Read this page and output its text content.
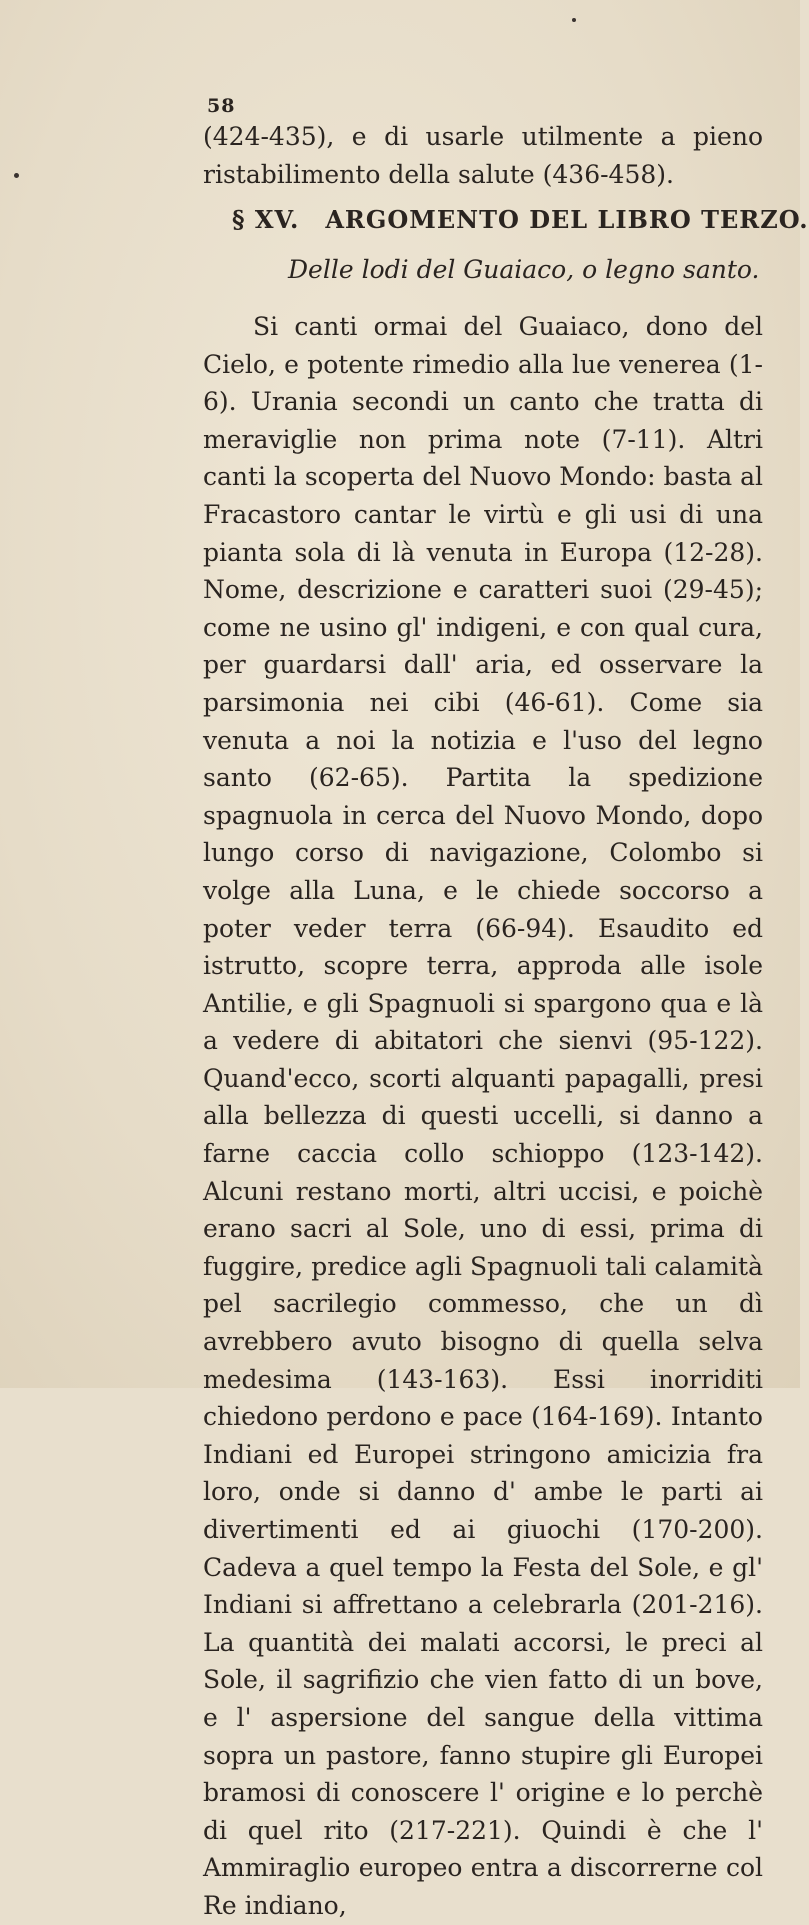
58

(424-435), e di usarle utilmente a pieno ristabilimento della salute (436-458).

§ XV. ARGOMENTO DEL LIBRO TERZO.
Delle lodi del Guaiaco, o legno santo.

Si canti ormai del Guaiaco, dono del Cielo, e potente rimedio alla lue venerea (1-6). Urania secondi un canto che tratta di meraviglie non prima note (7-11). Altri canti la scoperta del Nuovo Mondo: basta al Fracastoro cantar le virtù e gli usi di una pianta sola di là venuta in Europa (12-28). Nome, descrizione e caratteri suoi (29-45); come ne usino gl' indigeni, e con qual cura, per guardarsi dall' aria, ed osservare la parsimonia nei cibi (46-61). Come sia venuta a noi la notizia e l'uso del legno santo (62-65). Partita la spedizione spagnuola in cerca del Nuovo Mondo, dopo lungo corso di navigazione, Colombo si volge alla Luna, e le chiede soccorso a poter veder terra (66-94). Esaudito ed istrutto, scopre terra, approda alle isole Antilie, e gli Spagnuoli si spargono qua e là a vedere di abitatori che sienvi (95-122). Quand'ecco, scorti alquanti papagalli, presi alla bellezza di questi uccelli, si danno a farne caccia collo schioppo (123-142). Alcuni restano morti, altri uccisi, e poichè erano sacri al Sole, uno di essi, prima di fuggire, predice agli Spagnuoli tali calamità pel sacrilegio commesso, che un dì avrebbero avuto bisogno di quella selva medesima (143-163). Essi inorriditi chiedono perdono e pace (164-169). Intanto Indiani ed Europei stringono amicizia fra loro, onde si danno d' ambe le parti ai divertimenti ed ai giuochi (170-200). Cadeva a quel tempo la Festa del Sole, e gl' Indiani si affrettano a celebrarla (201-216). La quantità dei malati accorsi, le preci al Sole, il sagrifizio che vien fatto di un bove, e l' aspersione del sangue della vittima sopra un pastore, fanno stupire gli Europei bramosi di conoscere l' origine e lo perchè di quel rito (217-221). Quindi è che l' Ammiraglio europeo entra a discorrerne col Re indiano,
